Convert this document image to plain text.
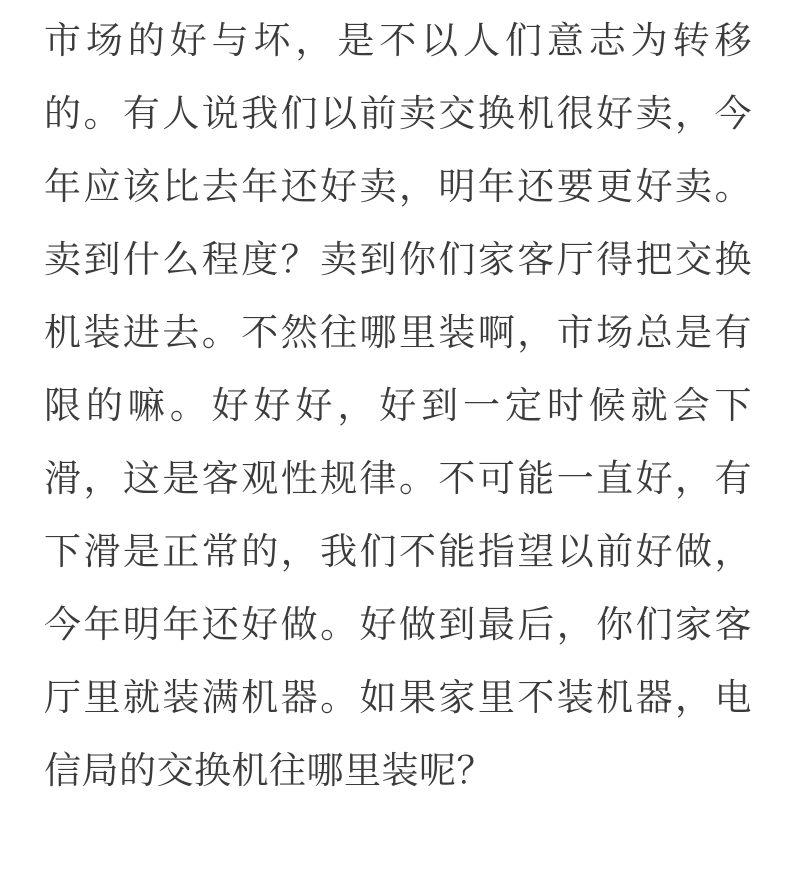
市场的好与坏，是不以人们意志为转移的。有人说我们以前卖交换机很好卖，今年应该比去年还好卖，明年还要更好卖。卖到什么程度？卖到你们家客厅得把交换机装进去。不然往哪里装啊，市场总是有限的嘛。好好好，好到一定时候就会下滑，这是客观性规律。不可能一直好，有下滑是正常的，我们不能指望以前好做，今年明年还好做。好做到最后，你们家客厅里就装满机器。如果家里不装机器，电信局的交换机往哪里装呢？
